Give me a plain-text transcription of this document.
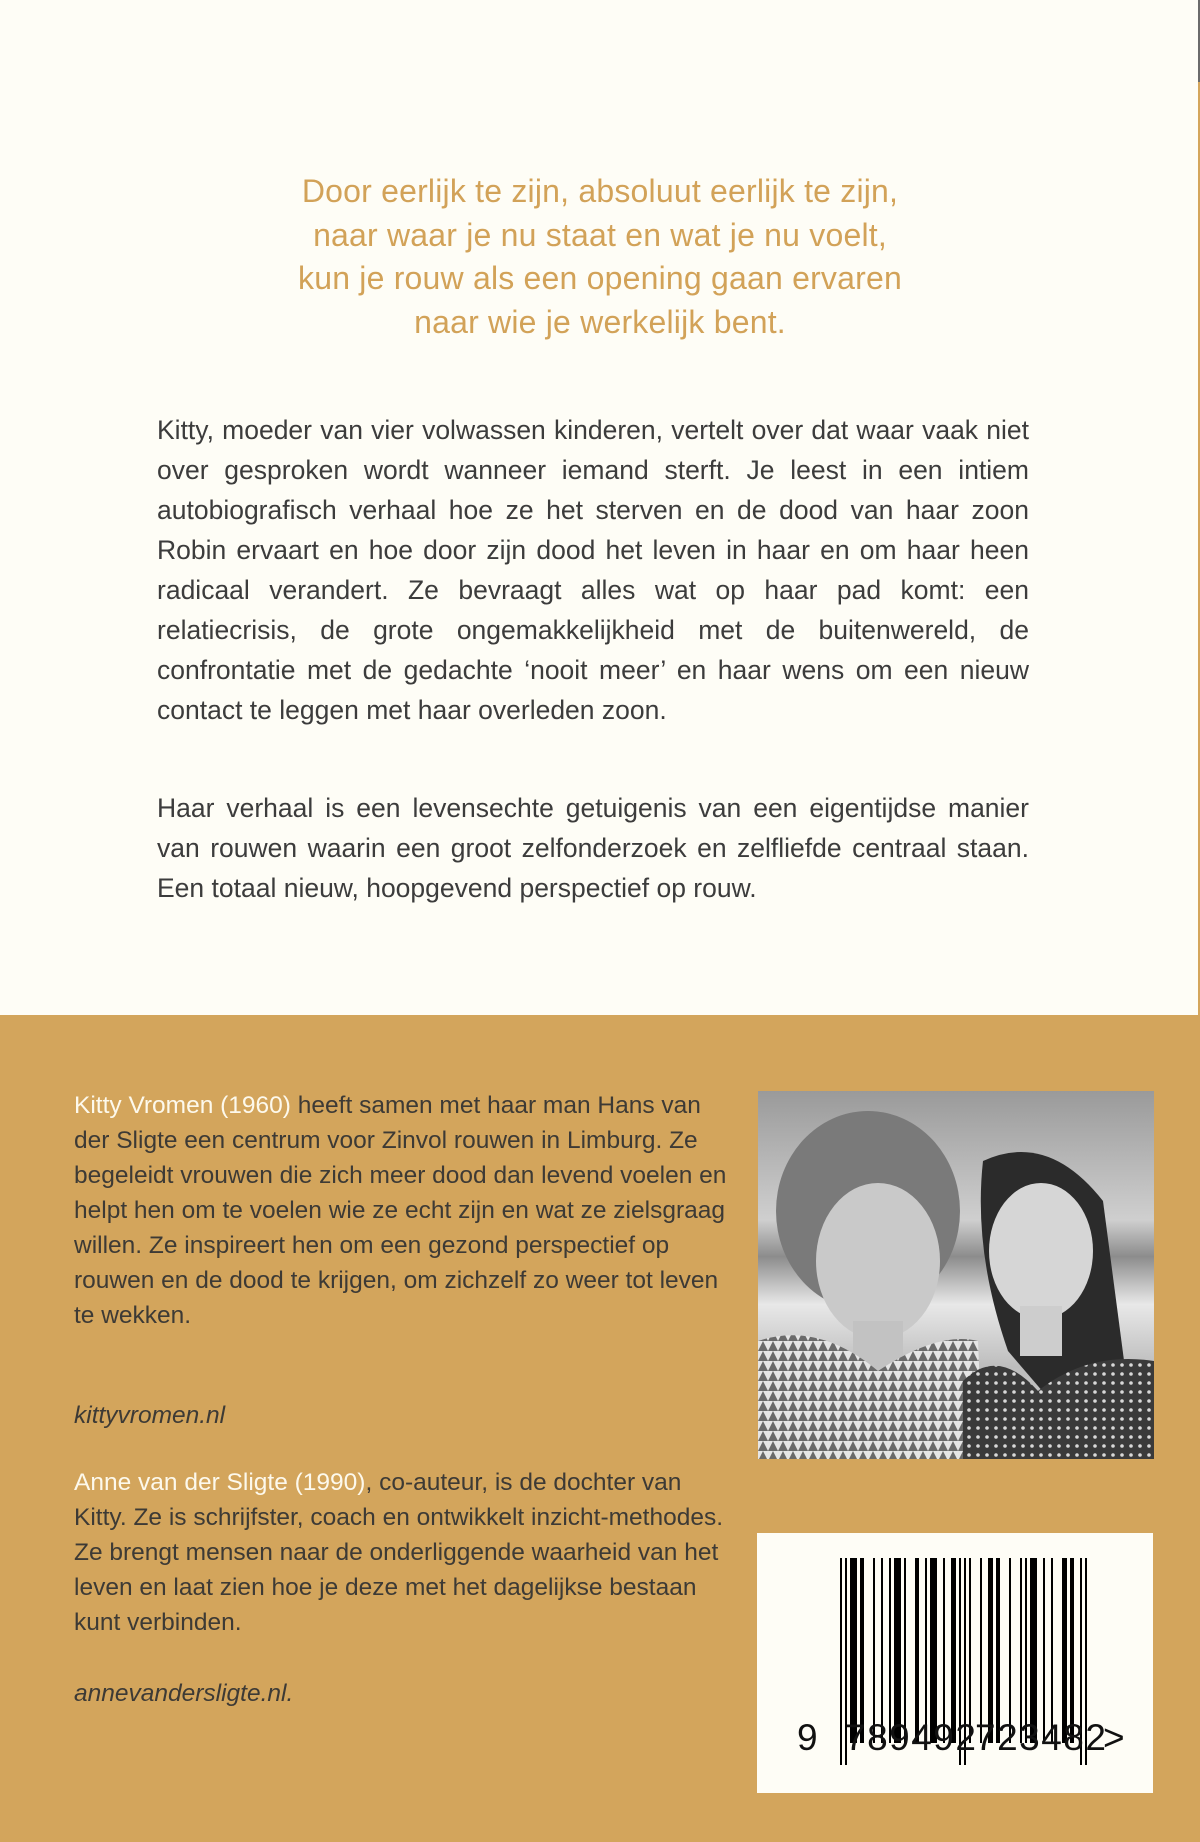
Door eerlijk te zijn, absoluut eerlijk te zijn,
naar waar je nu staat en wat je nu voelt,
kun je rouw als een opening gaan ervaren
naar wie je werkelijk bent.

Kitty, moeder van vier volwassen kinderen, vertelt over dat waar vaak niet over gesproken wordt wanneer iemand sterft. Je leest in een intiem autobiografisch verhaal hoe ze het sterven en de dood van haar zoon Robin ervaart en hoe door zijn dood het leven in haar en om haar heen radicaal verandert. Ze bevraagt alles wat op haar pad komt: een relatiecrisis, de grote ongemakkelijkheid met de buitenwereld, de confrontatie met de gedachte ‘nooit meer’ en haar wens om een nieuw contact te leggen met haar overleden zoon.

Haar verhaal is een levensechte getuigenis van een eigentijdse manier van rouwen waarin een groot zelfonderzoek en zelfliefde centraal staan. Een totaal nieuw, hoopgevend perspectief op rouw.

Kitty Vromen (1960) heeft samen met haar man Hans van der Sligte een centrum voor Zinvol rouwen in Limburg. Ze begeleidt vrouwen die zich meer dood dan levend voelen en helpt hen om te voelen wie ze echt zijn en wat ze zielsgraag willen. Ze inspireert hen om een gezond perspectief op rouwen en de dood te krijgen, om zichzelf zo weer tot leven te wekken.

kittyvromen.nl

Anne van der Sligte (1990), co-auteur, is de dochter van Kitty. Ze is schrijfster, coach en ontwikkelt inzicht-methodes. Ze brengt mensen naar de onderliggende waarheid van het leven en laat zien hoe je deze met het dagelijkse bestaan kunt verbinden.

annevandersligte.nl.

9 789492
723482
>
